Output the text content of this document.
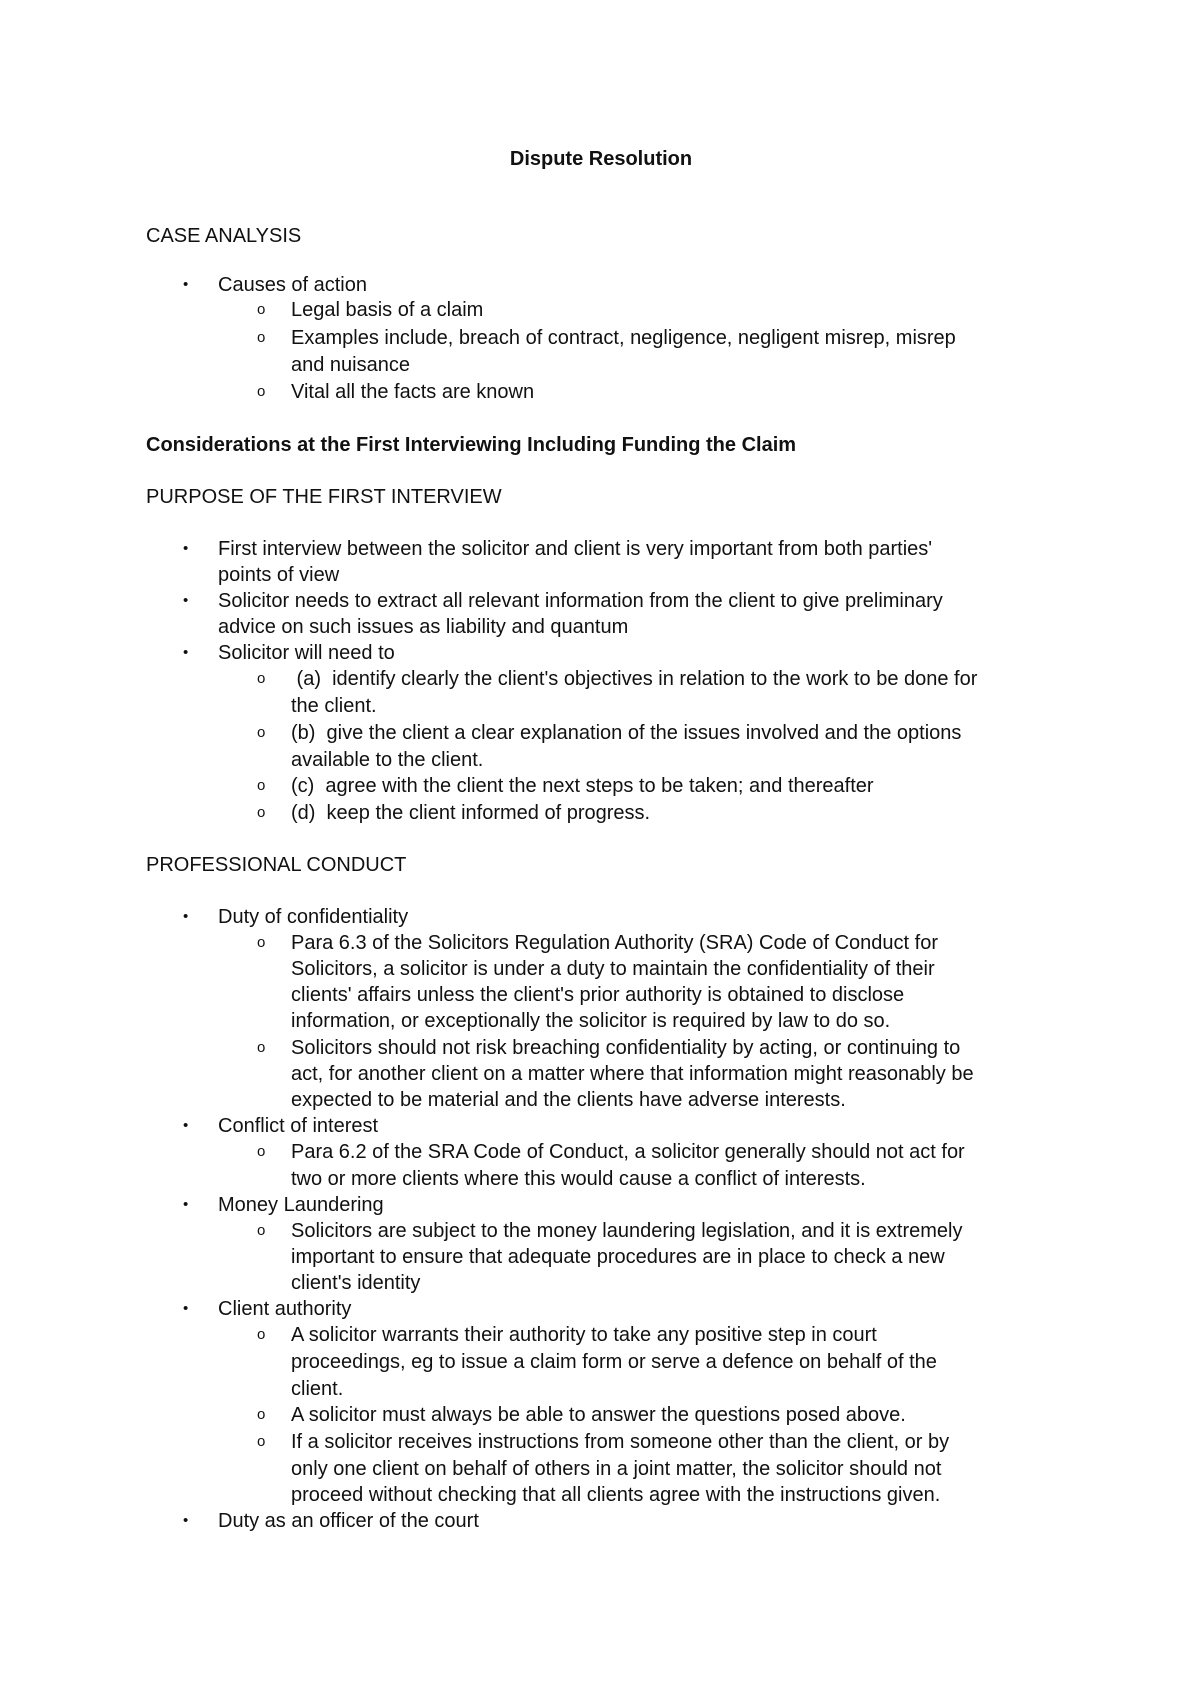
Dispute Resolution
CASE ANALYSIS
• Causes of action
o Legal basis of a claim
o Examples include, breach of contract, negligence, negligent misrep, misrep
and nuisance
o Vital all the facts are known
Considerations at the First Interviewing Including Funding the Claim
PURPOSE OF THE FIRST INTERVIEW
• First interview between the solicitor and client is very important from both parties'
points of view
• Solicitor needs to extract all relevant information from the client to give preliminary
advice on such issues as liability and quantum
• Solicitor will need to
o (a)  identify clearly the client's objectives in relation to the work to be done for
the client.
o (b)  give the client a clear explanation of the issues involved and the options
available to the client.
o (c)  agree with the client the next steps to be taken; and thereafter
o (d)  keep the client informed of progress.
PROFESSIONAL CONDUCT
• Duty of confidentiality
o Para 6.3 of the Solicitors Regulation Authority (SRA) Code of Conduct for
Solicitors, a solicitor is under a duty to maintain the confidentiality of their
clients' affairs unless the client's prior authority is obtained to disclose
information, or exceptionally the solicitor is required by law to do so.
o Solicitors should not risk breaching confidentiality by acting, or continuing to
act, for another client on a matter where that information might reasonably be
expected to be material and the clients have adverse interests.
• Conflict of interest
o Para 6.2 of the SRA Code of Conduct, a solicitor generally should not act for
two or more clients where this would cause a conflict of interests.
• Money Laundering
o Solicitors are subject to the money laundering legislation, and it is extremely
important to ensure that adequate procedures are in place to check a new
client's identity
• Client authority
o A solicitor warrants their authority to take any positive step in court
proceedings, eg to issue a claim form or serve a defence on behalf of the
client.
o A solicitor must always be able to answer the questions posed above.
o If a solicitor receives instructions from someone other than the client, or by
only one client on behalf of others in a joint matter, the solicitor should not
proceed without checking that all clients agree with the instructions given.
• Duty as an officer of the court
